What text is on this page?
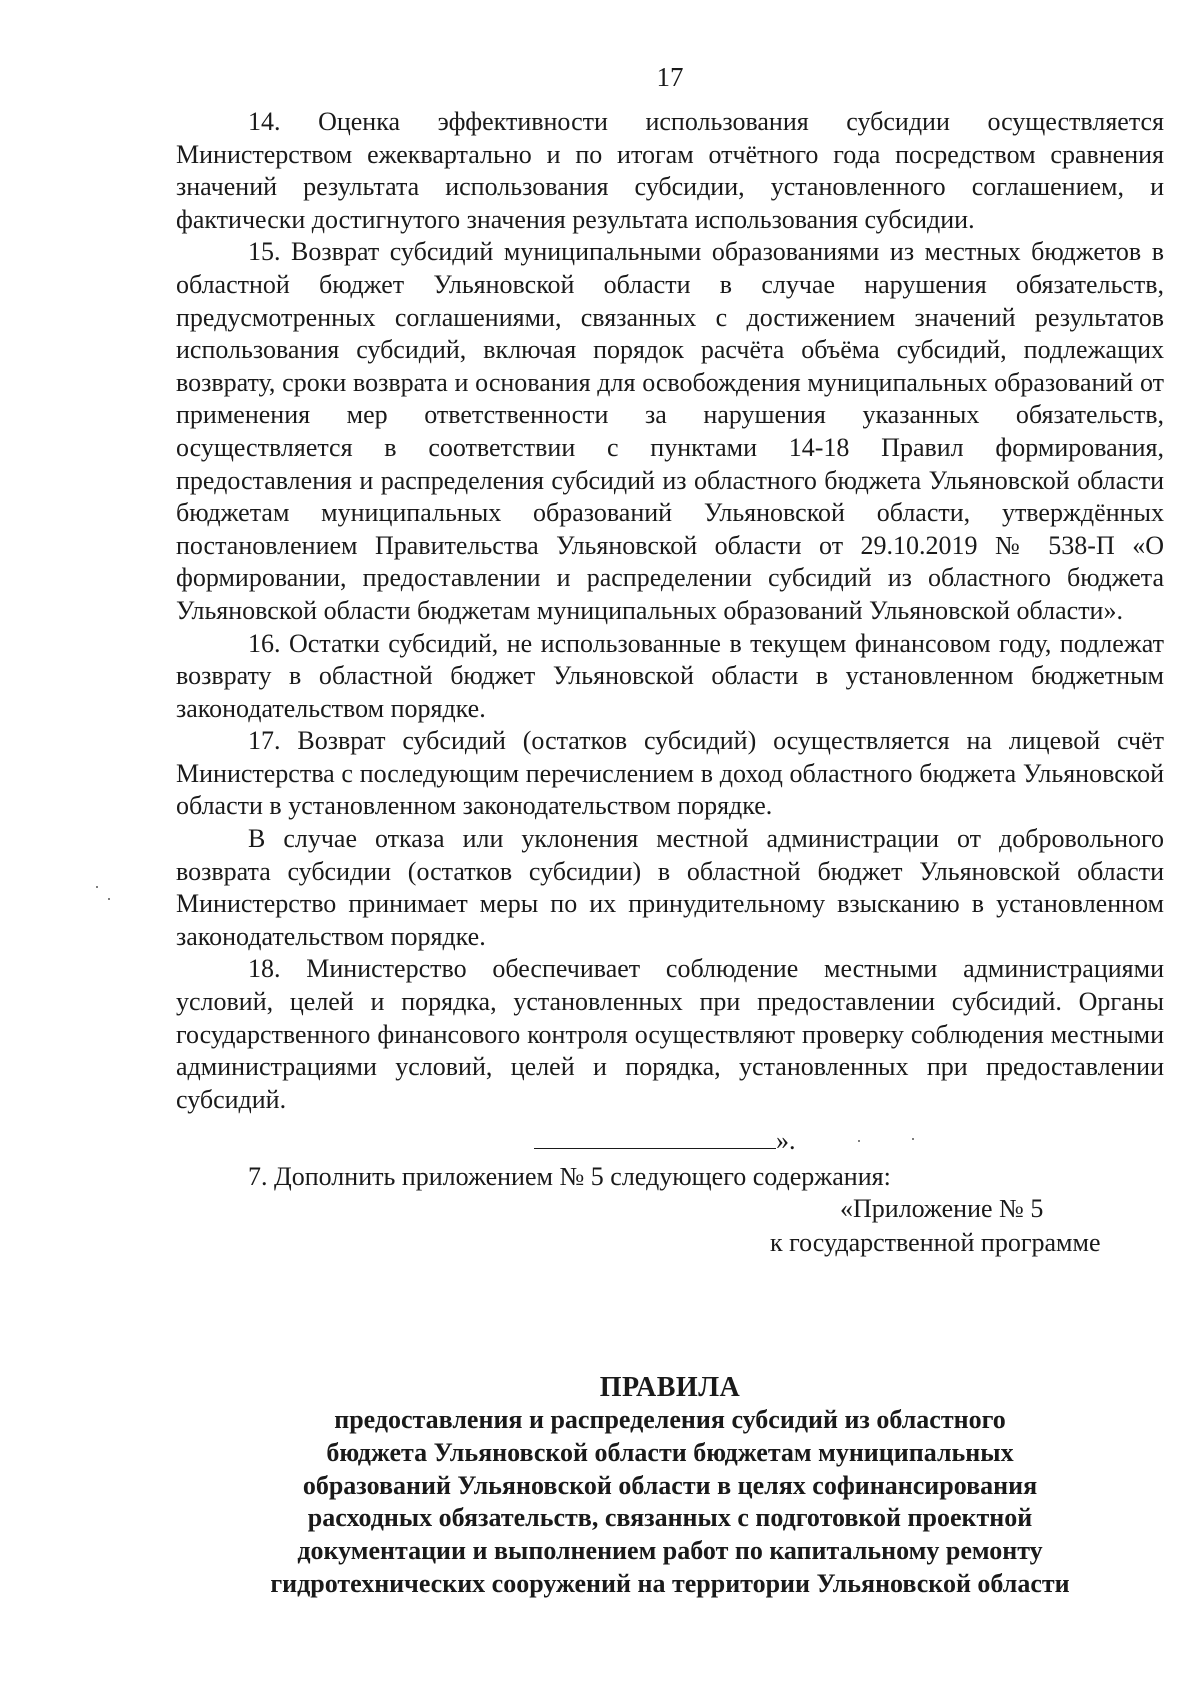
17

14. Оценка эффективности использования субсидии осуществляется Министерством ежеквартально и по итогам отчётного года посредством сравнения значений результата использования субсидии, установленного соглашением, и фактически достигнутого значения результата использования субсидии.

15. Возврат субсидий муниципальными образованиями из местных бюджетов в областной бюджет Ульяновской области в случае нарушения обязательств, предусмотренных соглашениями, связанных с достижением значений результатов использования субсидий, включая порядок расчёта объёма субсидий, подлежащих возврату, сроки возврата и основания для освобождения муниципальных образований от применения мер ответственности за нарушения указанных обязательств, осуществляется в соответствии с пунктами 14-18 Правил формирования, предоставления и распределения субсидий из областного бюджета Ульяновской области бюджетам муниципальных образований Ульяновской области, утверждённых постановлением Правительства Ульяновской области от 29.10.2019 № 538-П «О формировании, предоставлении и распределении субсидий из областного бюджета Ульяновской области бюджетам муниципальных образований Ульяновской области».

16. Остатки субсидий, не использованные в текущем финансовом году, подлежат возврату в областной бюджет Ульяновской области в установленном бюджетным законодательством порядке.

17. Возврат субсидий (остатков субсидий) осуществляется на лицевой счёт Министерства с последующим перечислением в доход областного бюджета Ульяновской области в установленном законодательством порядке.

В случае отказа или уклонения местной администрации от добровольного возврата субсидии (остатков субсидии) в областной бюджет Ульяновской области Министерство принимает меры по их принудительному взысканию в установленном законодательством порядке.

18. Министерство обеспечивает соблюдение местными администрациями условий, целей и порядка, установленных при предоставлении субсидий. Органы государственного финансового контроля осуществляют проверку соблюдения местными администрациями условий, целей и порядка, установленных при предоставлении субсидий.

».
7. Дополнить приложением № 5 следующего содержания:
«Приложение № 5
к государственной программе
ПРАВИЛА
предоставления и распределения субсидий из областного
бюджета Ульяновской области бюджетам муниципальных
образований Ульяновской области в целях софинансирования
расходных обязательств, связанных с подготовкой проектной
документации и выполнением работ по капитальному ремонту
гидротехнических сооружений на территории Ульяновской области
